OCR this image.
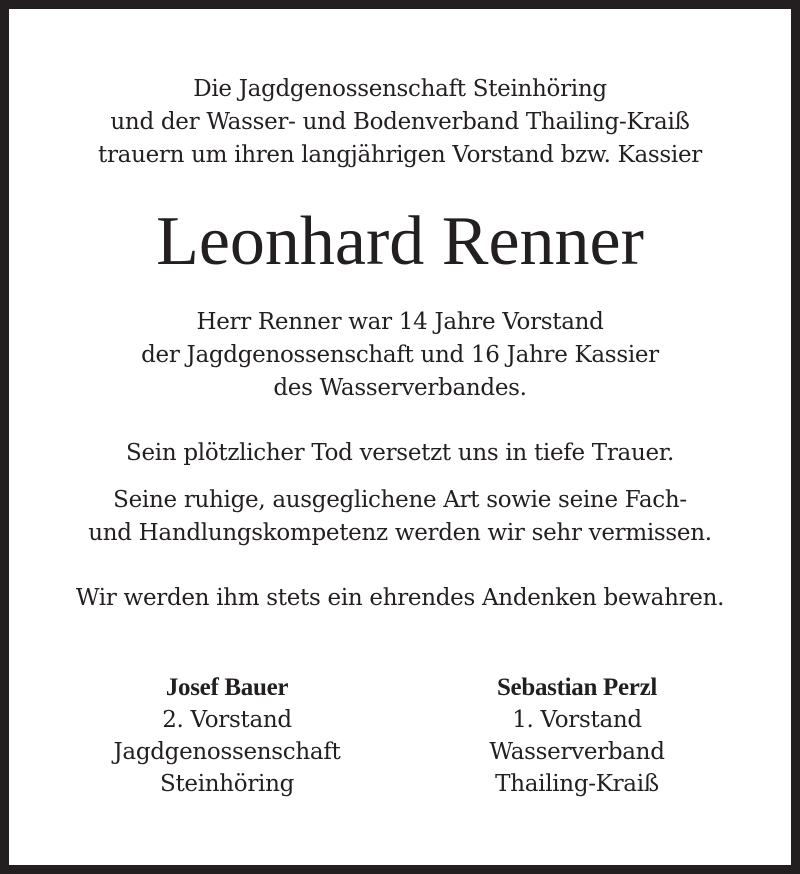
Die Jagdgenossenschaft Steinhöring
und der Wasser- und Bodenverband Thailing-Kraiß
trauern um ihren langjährigen Vorstand bzw. Kassier
Leonhard Renner
Herr Renner war 14 Jahre Vorstand
der Jagdgenossenschaft und 16 Jahre Kassier
des Wasserverbandes.
Sein plötzlicher Tod versetzt uns in tiefe Trauer.
Seine ruhige, ausgeglichene Art sowie seine Fach-
und Handlungskompetenz werden wir sehr vermissen.
Wir werden ihm stets ein ehrendes Andenken bewahren.
Josef Bauer
2. Vorstand
Jagdgenossenschaft
Steinhöring
Sebastian Perzl
1. Vorstand
Wasserverband
Thailing-Kraiß
